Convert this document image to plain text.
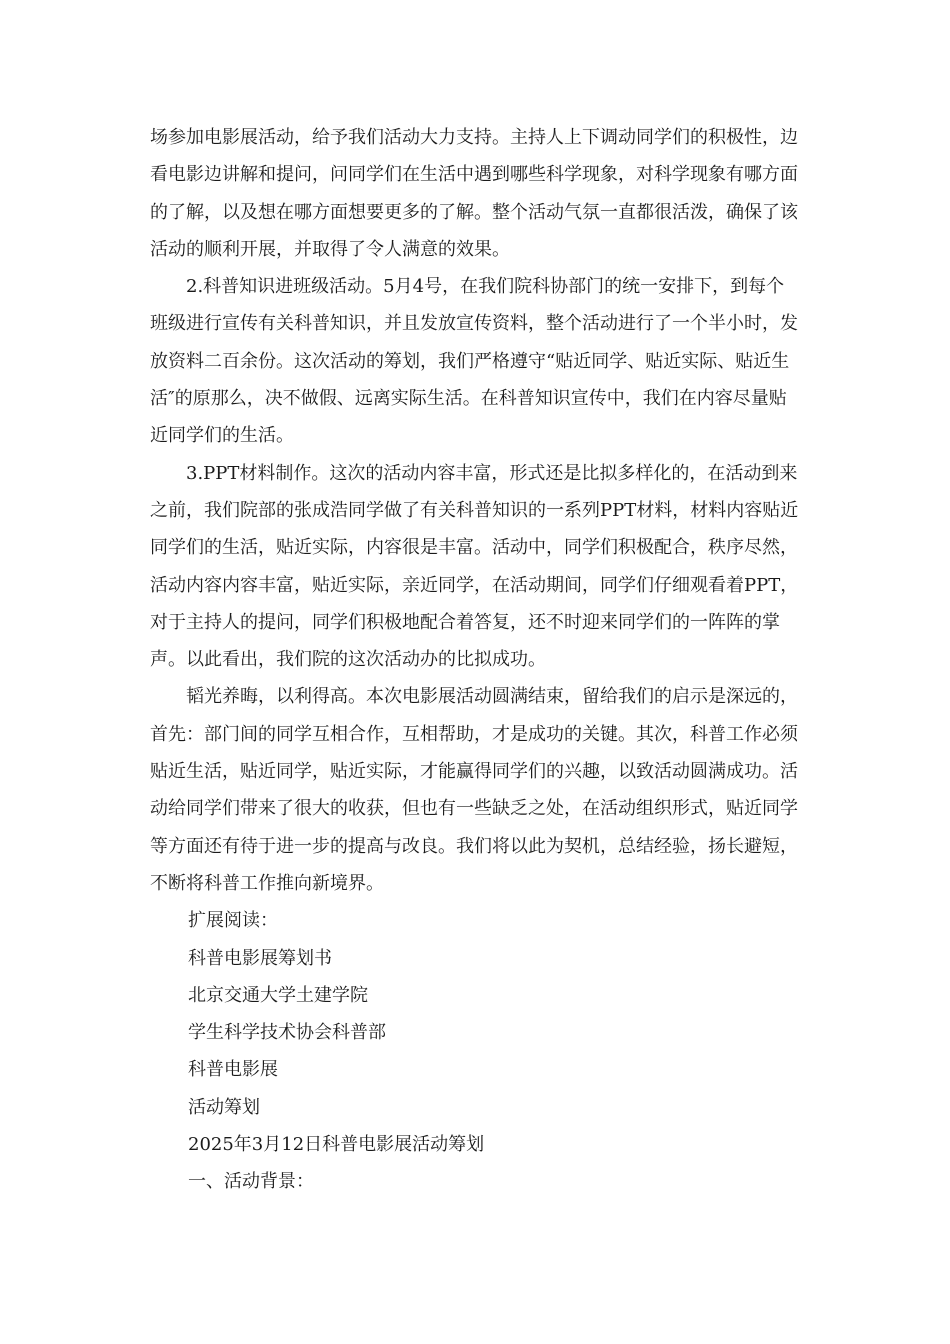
场参加电影展活动，给予我们活动大力支持。主持人上下调动同学们的积极性，边看电影边讲解和提问，问同学们在生活中遇到哪些科学现象，对科学现象有哪方面的了解，以及想在哪方面想要更多的了解。整个活动气氛一直都很活泼，确保了该活动的顺利开展，并取得了令人满意的效果。

2.科普知识进班级活动。5月4号，在我们院科协部门的统一安排下，到每个班级进行宣传有关科普知识，并且发放宣传资料，整个活动进行了一个半小时，发放资料二百余份。这次活动的筹划，我们严格遵守“贴近同学、贴近实际、贴近生活″的原那么，决不做假、远离实际生活。在科普知识宣传中，我们在内容尽量贴近同学们的生活。

3.PPT材料制作。这次的活动内容丰富，形式还是比拟多样化的，在活动到来之前，我们院部的张成浩同学做了有关科普知识的一系列PPT材料，材料内容贴近同学们的生活，贴近实际，内容很是丰富。活动中，同学们积极配合，秩序尽然，活动内容内容丰富，贴近实际，亲近同学，在活动期间，同学们仔细观看着PPT，对于主持人的提问，同学们积极地配合着答复，还不时迎来同学们的一阵阵的掌声。以此看出，我们院的这次活动办的比拟成功。

韬光养晦，以利得高。本次电影展活动圆满结束，留给我们的启示是深远的，首先：部门间的同学互相合作，互相帮助，才是成功的关键。其次，科普工作必须贴近生活，贴近同学，贴近实际，才能赢得同学们的兴趣，以致活动圆满成功。活动给同学们带来了很大的收获，但也有一些缺乏之处，在活动组织形式，贴近同学等方面还有待于进一步的提高与改良。我们将以此为契机，总结经验，扬长避短，不断将科普工作推向新境界。

扩展阅读：

科普电影展筹划书

北京交通大学土建学院

学生科学技术协会科普部

科普电影展

活动筹划

2025年3月12日科普电影展活动筹划

一、活动背景：
